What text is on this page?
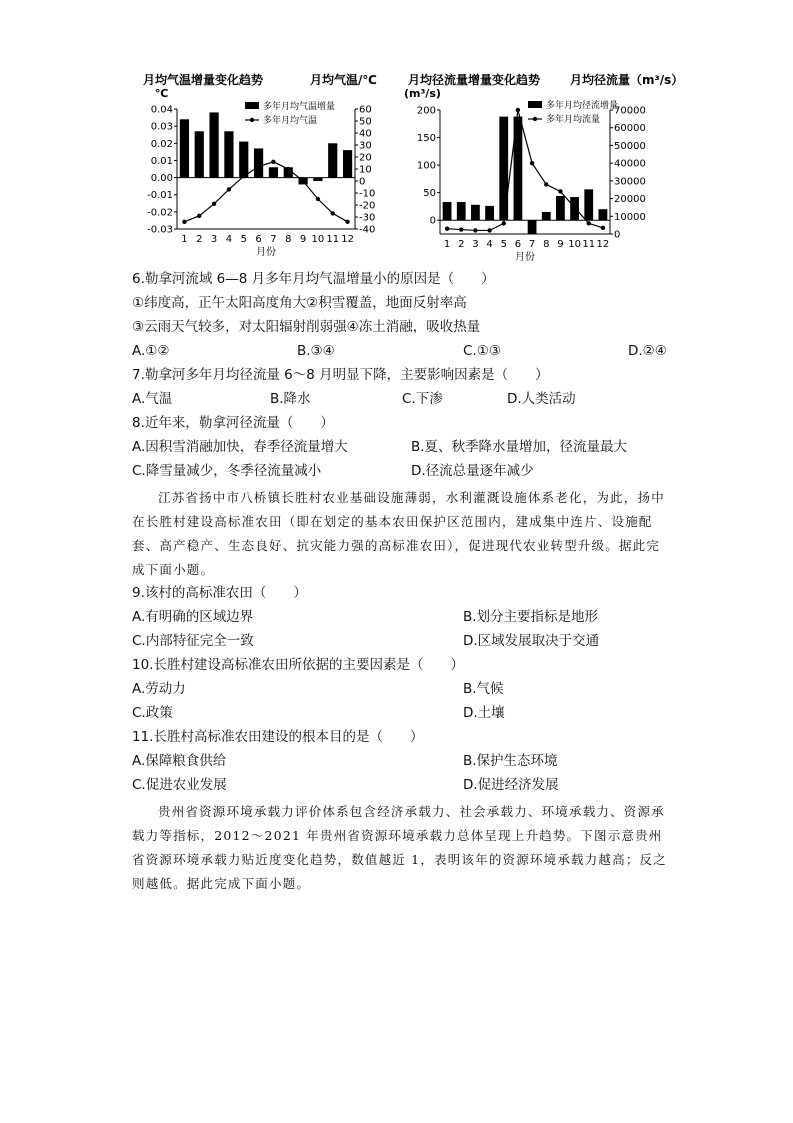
月均气温增量变化趋势	月均气温/℃
℃
0.04
0.03
0.02
0.01
0.00
-0.01
-0.02
-0.03
60
50
40
30
20
10
0
-10
-20
-30
-40
1 2 3 4 5 6 7 8 9 10 11 12
月份
多年月均气温增量
多年月均气温
月均径流量增量变化趋势 月均径流量（m³/s）
(m³/s)
200
150
100
50
0
70000
60000
50000
40000
30000
20000
10000
0
1 2 3 4 5 6 7 8 9 10 11 12
月份
多年月均径流增量
多年月均流量
6.勒拿河流域 6—8 月多年月均气温增量小的原因是（　　）
①纬度高，正午太阳高度角大②积雪覆盖，地面反射率高
③云雨天气较多，对太阳辐射削弱强④冻土消融，吸收热量
A.①②	B.③④	C.①③	D.②④
7.勒拿河多年月均径流量 6～8 月明显下降，主要影响因素是（　　）
A.气温	B.降水	C.下渗	D.人类活动
8.近年来，勒拿河径流量（　　）
A.因积雪消融加快，春季径流量增大	B.夏、秋季降水量增加，径流量最大
C.降雪量减少，冬季径流量减小	D.径流总量逐年减少
江苏省扬中市八桥镇长胜村农业基础设施薄弱，水利灌溉设施体系老化，为此，扬中在长胜村建设高标准农田（即在划定的基本农田保护区范围内，建成集中连片、设施配套、高产稳产、生态良好、抗灾能力强的高标准农田），促进现代农业转型升级。据此完成下面小题。
9.该村的高标准农田（　　）
A.有明确的区域边界	B.划分主要指标是地形
C.内部特征完全一致	D.区域发展取决于交通
10.长胜村建设高标准农田所依据的主要因素是（　　）
A.劳动力	B.气候
C.政策	D.土壤
11.长胜村高标准农田建设的根本目的是（　　）
A.保障粮食供给	B.保护生态环境
C.促进农业发展	D.促进经济发展
贵州省资源环境承载力评价体系包含经济承载力、社会承载力、环境承载力、资源承载力等指标，2012～2021 年贵州省资源环境承载力总体呈现上升趋势。下图示意贵州省资源环境承载力贴近度变化趋势，数值越近 1，表明该年的资源环境承载力越高；反之则越低。据此完成下面小题。
